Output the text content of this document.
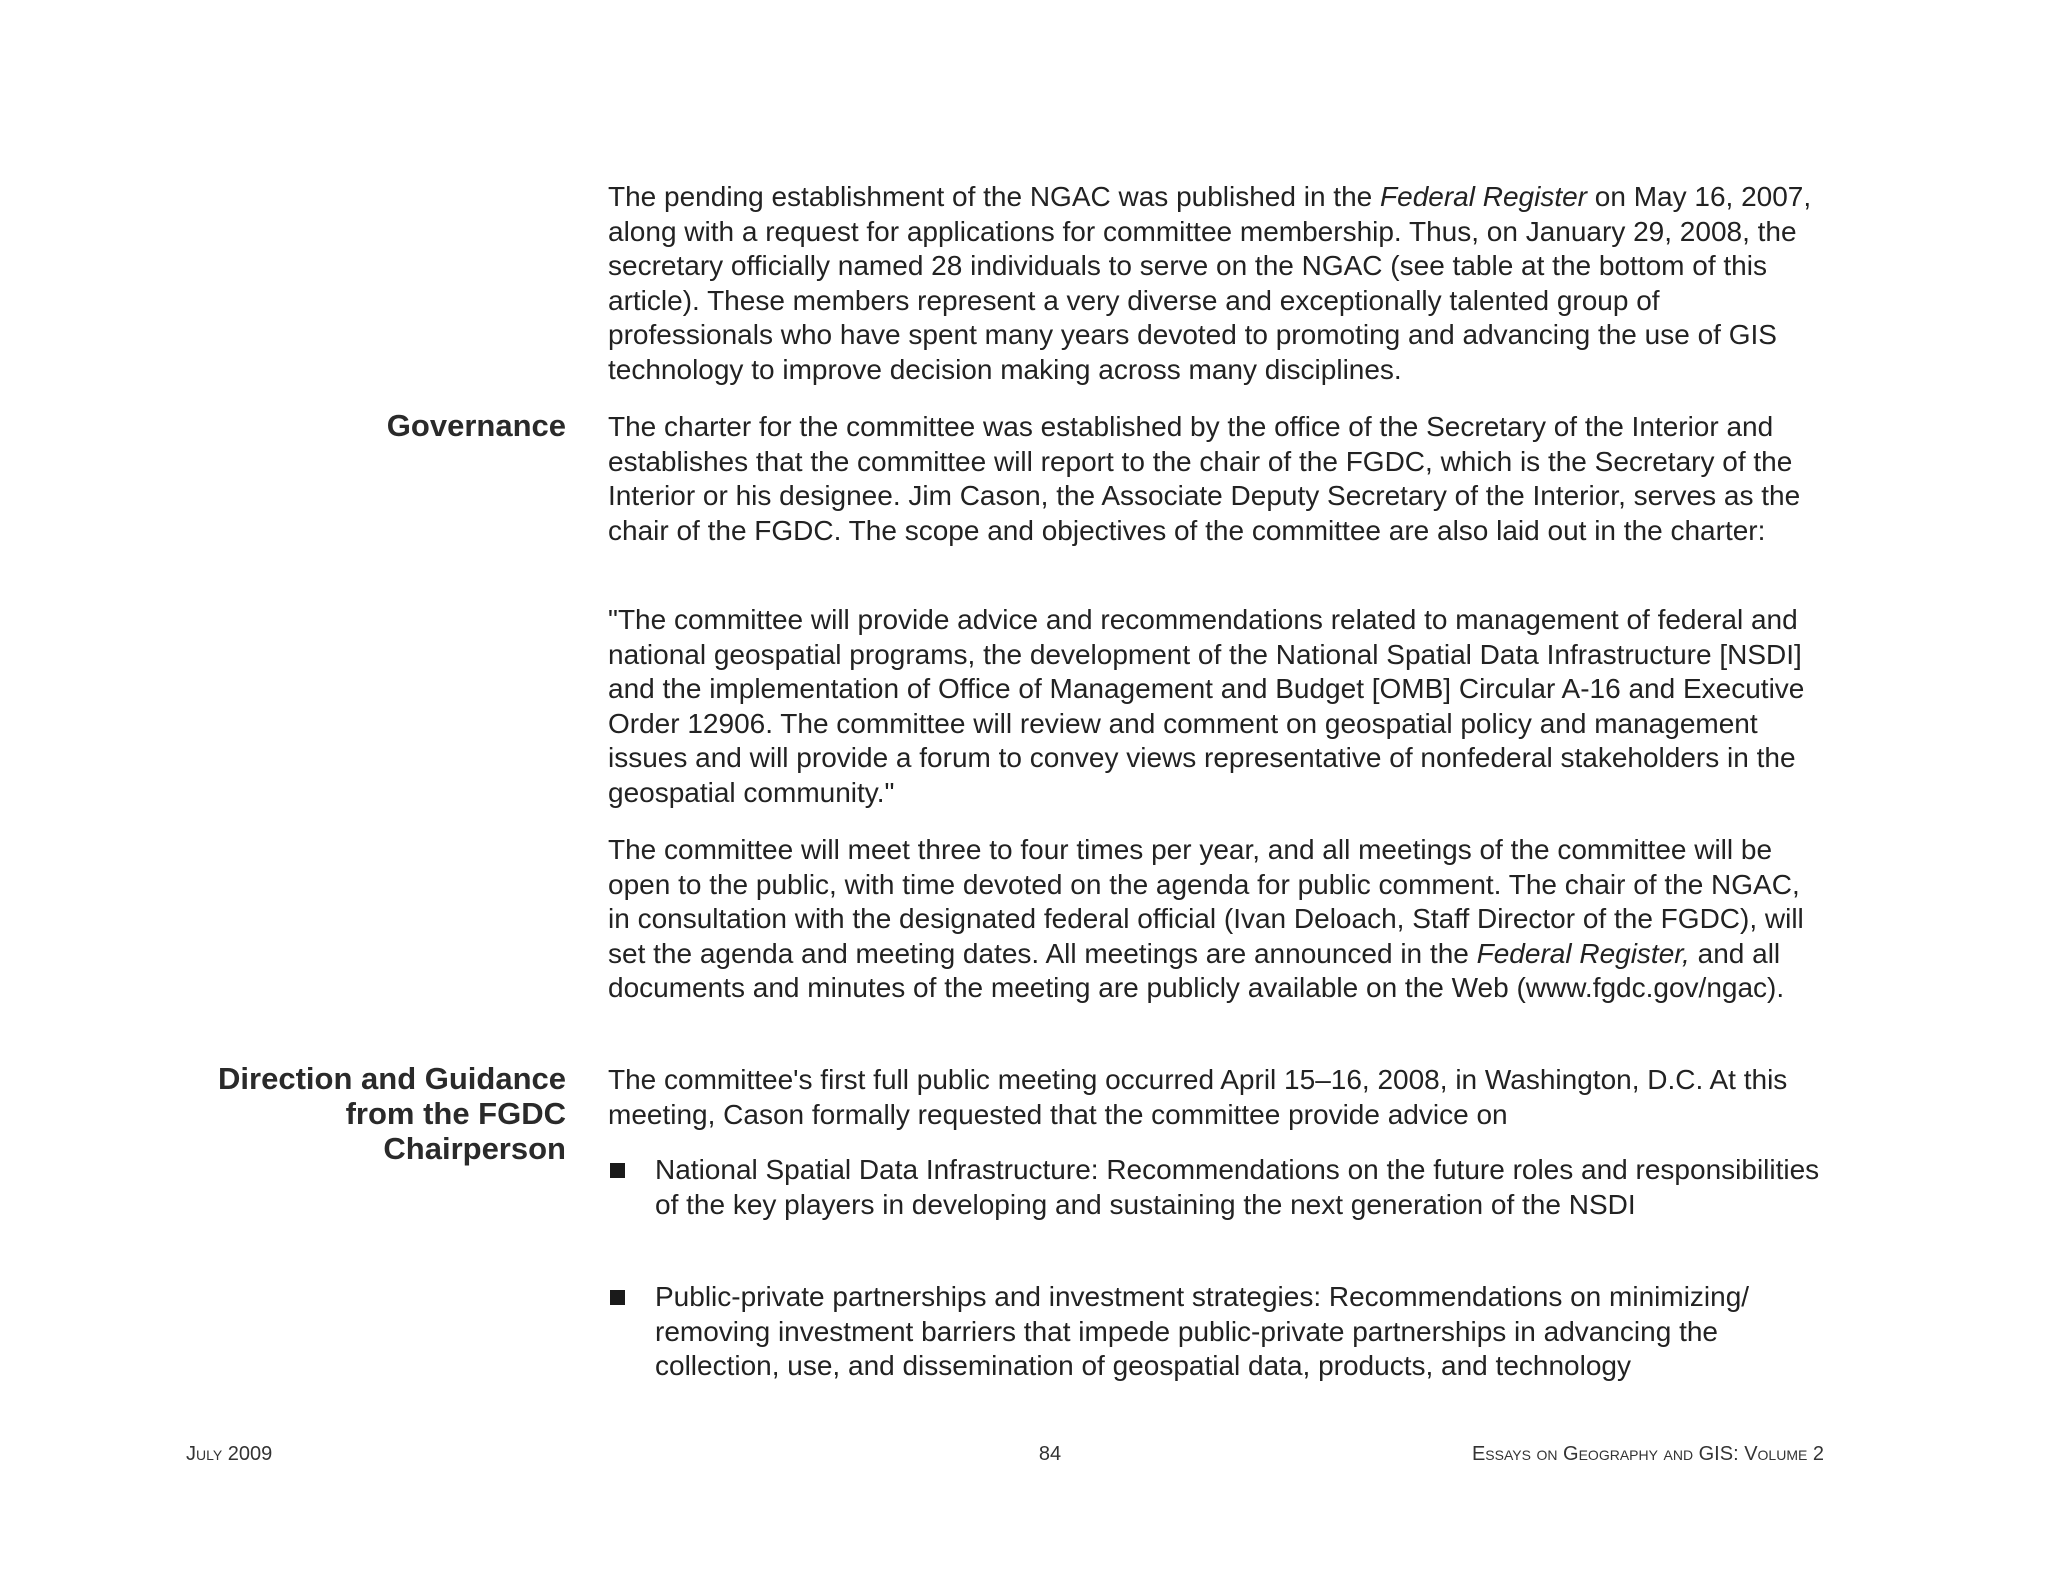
The pending establishment of the NGAC was published in the Federal Register on May 16, 2007, along with a request for applications for committee membership. Thus, on January 29, 2008, the secretary officially named 28 individuals to serve on the NGAC (see table at the bottom of this article). These members represent a very diverse and exceptionally talented group of professionals who have spent many years devoted to promoting and advancing the use of GIS technology to improve decision making across many disciplines.

Governance The charter for the committee was established by the office of the Secretary of the Interior and establishes that the committee will report to the chair of the FGDC, which is the Secretary of the Interior or his designee. Jim Cason, the Associate Deputy Secretary of the Interior, serves as the chair of the FGDC. The scope and objectives of the committee are also laid out in the charter:

"The committee will provide advice and recommendations related to management of federal and national geospatial programs, the development of the National Spatial Data Infrastructure [NSDI] and the implementation of Office of Management and Budget [OMB] Circular A-16 and Executive Order 12906. The committee will review and comment on geospatial policy and management issues and will provide a forum to convey views representative of nonfederal stakeholders in the geospatial community."

The committee will meet three to four times per year, and all meetings of the committee will be open to the public, with time devoted on the agenda for public comment. The chair of the NGAC, in consultation with the designated federal official (Ivan Deloach, Staff Director of the FGDC), will set the agenda and meeting dates. All meetings are announced in the Federal Register, and all documents and minutes of the meeting are publicly available on the Web (www.fgdc.gov/ngac).

Direction and Guidance
from the FGDC
Chairperson

The committee's first full public meeting occurred April 15–16, 2008, in Washington, D.C. At this meeting, Cason formally requested that the committee provide advice on

National Spatial Data Infrastructure: Recommendations on the future roles and responsibilities of the key players in developing and sustaining the next generation of the NSDI
Public-private partnerships and investment strategies: Recommendations on minimizing/ removing investment barriers that impede public-private partnerships in advancing the collection, use, and dissemination of geospatial data, products, and technology
July 2009	84	Essays on Geography and GIS: Volume 2
